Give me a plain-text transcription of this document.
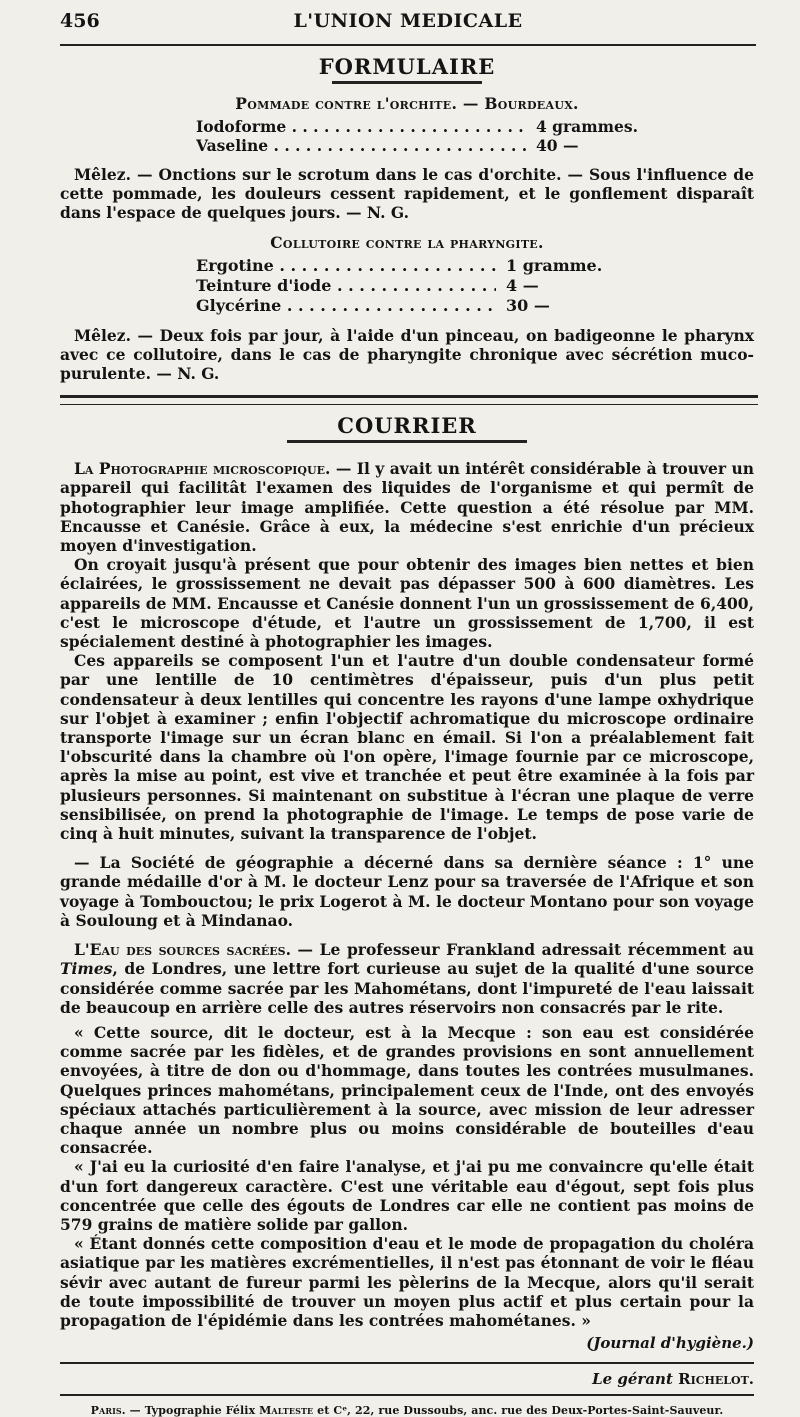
456	L'UNION MEDICALE
FORMULAIRE
Pommade contre l'orchite. — Bourdeaux.
Iodoforme . . .	4 grammes.
Vaseline . . .	40 —

Mêlez. — Onctions sur le scrotum dans le cas d'orchite. — Sous l'influence de cette pommade, les douleurs cessent rapidement, et le gonflement disparaît dans l'espace de quelques jours. — N. G.

Collutoire contre la pharyngite.
Ergotine . . .	1 gramme.
Teinture d'iode . . .	4 —
Glycérine . . .	30 —

Mêlez. — Deux fois par jour, à l'aide d'un pinceau, on badigeonne le pharynx avec ce collutoire, dans le cas de pharyngite chronique avec sécrétion muco-purulente. — N. G.

COURRIER

La Photographie microscopique. — Il y avait un intérêt considérable à trouver un appareil qui facilitât l'examen des liquides de l'organisme et qui permît de photographier leur image amplifiée. Cette question a été résolue par MM. Encausse et Canésie. Grâce à eux, la médecine s'est enrichie d'un précieux moyen d'investigation.

On croyait jusqu'à présent que pour obtenir des images bien nettes et bien éclairées, le grossissement ne devait pas dépasser 500 à 600 diamètres. Les appareils de MM. Encausse et Canésie donnent l'un un grossissement de 6,400, c'est le microscope d'étude, et l'autre un grossissement de 1,700, il est spécialement destiné à photographier les images.

Ces appareils se composent l'un et l'autre d'un double condensateur formé par une lentille de 10 centimètres d'épaisseur, puis d'un plus petit condensateur à deux lentilles qui concentre les rayons d'une lampe oxhydrique sur l'objet à examiner ; enfin l'objectif achromatique du microscope ordinaire transporte l'image sur un écran blanc en émail. Si l'on a préalablement fait l'obscurité dans la chambre où l'on opère, l'image fournie par ce microscope, après la mise au point, est vive et tranchée et peut être examinée à la fois par plusieurs personnes. Si maintenant on substitue à l'écran une plaque de verre sensibilisée, on prend la photographie de l'image. Le temps de pose varie de cinq à huit minutes, suivant la transparence de l'objet.

— La Société de géographie a décerné dans sa dernière séance : 1° une grande médaille d'or à M. le docteur Lenz pour sa traversée de l'Afrique et son voyage à Tombouctou; le prix Logerot à M. le docteur Montano pour son voyage à Souloung et à Mindanao.

L'Eau des sources sacrées. — Le professeur Frankland adressait récemment au Times, de Londres, une lettre fort curieuse au sujet de la qualité d'une source considérée comme sacrée par les Mahométans, dont l'impureté de l'eau laissait de beaucoup en arrière celle des autres réservoirs non consacrés par le rite.

« Cette source, dit le docteur, est à la Mecque : son eau est considérée comme sacrée par les fidèles, et de grandes provisions en sont annuellement envoyées, à titre de don ou d'hommage, dans toutes les contrées musulmanes. Quelques princes mahométans, principalement ceux de l'Inde, ont des envoyés spéciaux attachés particulièrement à la source, avec mission de leur adresser chaque année un nombre plus ou moins considérable de bouteilles d'eau consacrée.

« J'ai eu la curiosité d'en faire l'analyse, et j'ai pu me convaincre qu'elle était d'un fort dangereux caractère. C'est une véritable eau d'égout, sept fois plus concentrée que celle des égouts de Londres car elle ne contient pas moins de 579 grains de matière solide par gallon.

« Étant donnés cette composition d'eau et le mode de propagation du choléra asiatique par les matières excrémentielles, il n'est pas étonnant de voir le fléau sévir avec autant de fureur parmi les pèlerins de la Mecque, alors qu'il serait de toute impossibilité de trouver un moyen plus actif et plus certain pour la propagation de l'épidémie dans les contrées mahométanes. »

(Journal d'hygiène.)
Le gérant Richelot.
Paris. — Typographie Félix Malteste et Cᵉ, 22, rue Dussoubs, anc. rue des Deux-Portes-Saint-Sauveur.
